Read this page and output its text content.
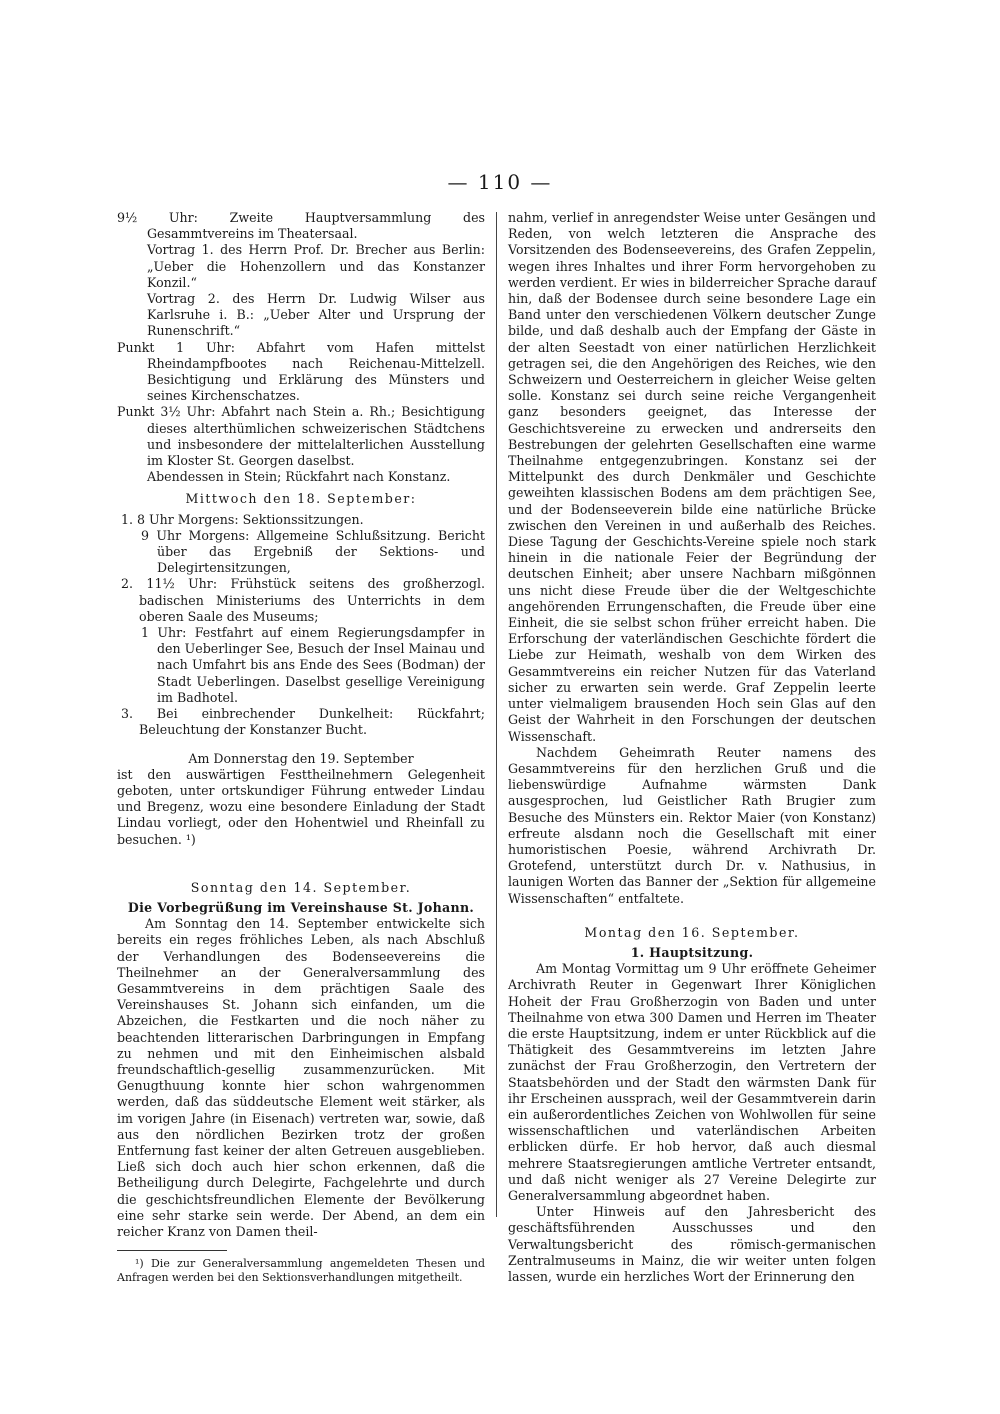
— 110 —

9½ Uhr: Zweite Hauptversammlung des Gesammtvereins im Theatersaal.

Vortrag 1. des Herrn Prof. Dr. Brecher aus Berlin: „Ueber die Hohenzollern und das Konstanzer Konzil.“

Vortrag 2. des Herrn Dr. Ludwig Wilser aus Karlsruhe i. B.: „Ueber Alter und Ursprung der Runenschrift.“

Punkt 1 Uhr: Abfahrt vom Hafen mittelst Rheindampfbootes nach Reichenau-Mittelzell. Besichtigung und Erklärung des Münsters und seines Kirchenschatzes.

Punkt 3½ Uhr: Abfahrt nach Stein a. Rh.; Besichtigung dieses alterthümlichen schweizerischen Städtchens und insbesondere der mittelalterlichen Ausstellung im Kloster St. Georgen daselbst.

Abendessen in Stein; Rückfahrt nach Konstanz.

Mittwoch den 18. September:

1. 8 Uhr Morgens: Sektionssitzungen.

9 Uhr Morgens: Allgemeine Schlußsitzung. Bericht über das Ergebniß der Sektions- und Delegirtensitzungen,

2. 11½ Uhr: Frühstück seitens des großherzogl. badischen Ministeriums des Unterrichts in dem oberen Saale des Museums;

1 Uhr: Festfahrt auf einem Regierungsdampfer in den Ueberlinger See, Besuch der Insel Mainau und nach Umfahrt bis ans Ende des Sees (Bodman) der Stadt Ueberlingen. Daselbst gesellige Vereinigung im Badhotel.

3. Bei einbrechender Dunkelheit: Rückfahrt; Beleuchtung der Konstanzer Bucht.

Am Donnerstag den 19. September

ist den auswärtigen Festtheilnehmern Gelegenheit geboten, unter ortskundiger Führung entweder Lindau und Bregenz, wozu eine besondere Einladung der Stadt Lindau vorliegt, oder den Hohentwiel und Rheinfall zu besuchen. ¹)

Sonntag den 14. September.

Die Vorbegrüßung im Vereinshause St. Johann.

Am Sonntag den 14. September entwickelte sich bereits ein reges fröhliches Leben, als nach Abschluß der Verhandlungen des Bodenseevereins die Theilnehmer an der Generalversammlung des Gesammtvereins in dem prächtigen Saale des Vereinshauses St. Johann sich einfanden, um die Abzeichen, die Festkarten und die noch näher zu beachtenden litterarischen Darbringungen in Empfang zu nehmen und mit den Einheimischen alsbald freundschaftlich-gesellig zusammenzurücken. Mit Genugthuung konnte hier schon wahrgenommen werden, daß das süddeutsche Element weit stärker, als im vorigen Jahre (in Eisenach) vertreten war, sowie, daß aus den nördlichen Bezirken trotz der großen Entfernung fast keiner der alten Getreuen ausgeblieben. Ließ sich doch auch hier schon erkennen, daß die Betheiligung durch Delegirte, Fachgelehrte und durch die geschichtsfreundlichen Elemente der Bevölkerung eine sehr starke sein werde. Der Abend, an dem ein reicher Kranz von Damen theil-

¹) Die zur Generalversammlung angemeldeten Thesen und Anfragen werden bei den Sektionsverhandlungen mitgetheilt.

nahm, verlief in anregendster Weise unter Gesängen und Reden, von welch letzteren die Ansprache des Vorsitzenden des Bodenseevereins, des Grafen Zeppelin, wegen ihres Inhaltes und ihrer Form hervorgehoben zu werden verdient. Er wies in bilderreicher Sprache darauf hin, daß der Bodensee durch seine besondere Lage ein Band unter den verschiedenen Völkern deutscher Zunge bilde, und daß deshalb auch der Empfang der Gäste in der alten Seestadt von einer natürlichen Herzlichkeit getragen sei, die den Angehörigen des Reiches, wie den Schweizern und Oesterreichern in gleicher Weise gelten solle. Konstanz sei durch seine reiche Vergangenheit ganz besonders geeignet, das Interesse der Geschichtsvereine zu erwecken und andrerseits den Bestrebungen der gelehrten Gesellschaften eine warme Theilnahme entgegenzubringen. Konstanz sei der Mittelpunkt des durch Denkmäler und Geschichte geweihten klassischen Bodens am dem prächtigen See, und der Bodenseeverein bilde eine natürliche Brücke zwischen den Vereinen in und außerhalb des Reiches. Diese Tagung der Geschichts-Vereine spiele noch stark hinein in die nationale Feier der Begründung der deutschen Einheit; aber unsere Nachbarn mißgönnen uns nicht diese Freude über die der Weltgeschichte angehörenden Errungenschaften, die Freude über eine Einheit, die sie selbst schon früher erreicht haben. Die Erforschung der vaterländischen Geschichte fördert die Liebe zur Heimath, weshalb von dem Wirken des Gesammtvereins ein reicher Nutzen für das Vaterland sicher zu erwarten sein werde. Graf Zeppelin leerte unter vielmaligem brausenden Hoch sein Glas auf den Geist der Wahrheit in den Forschungen der deutschen Wissenschaft.

Nachdem Geheimrath Reuter namens des Gesammtvereins für den herzlichen Gruß und die liebenswürdige Aufnahme wärmsten Dank ausgesprochen, lud Geistlicher Rath Brugier zum Besuche des Münsters ein. Rektor Maier (von Konstanz) erfreute alsdann noch die Gesellschaft mit einer humoristischen Poesie, während Archivrath Dr. Grotefend, unterstützt durch Dr. v. Nathusius, in launigen Worten das Banner der „Sektion für allgemeine Wissenschaften“ entfaltete.

Montag den 16. September.

1. Hauptsitzung.

Am Montag Vormittag um 9 Uhr eröffnete Geheimer Archivrath Reuter in Gegenwart Ihrer Königlichen Hoheit der Frau Großherzogin von Baden und unter Theilnahme von etwa 300 Damen und Herren im Theater die erste Hauptsitzung, indem er unter Rückblick auf die Thätigkeit des Gesammtvereins im letzten Jahre zunächst der Frau Großherzogin, den Vertretern der Staatsbehörden und der Stadt den wärmsten Dank für ihr Erscheinen aussprach, weil der Gesammtverein darin ein außerordentliches Zeichen von Wohlwollen für seine wissenschaftlichen und vaterländischen Arbeiten erblicken dürfe. Er hob hervor, daß auch diesmal mehrere Staatsregierungen amtliche Vertreter entsandt, und daß nicht weniger als 27 Vereine Delegirte zur Generalversammlung abgeordnet haben.

Unter Hinweis auf den Jahresbericht des geschäftsführenden Ausschusses und den Verwaltungsbericht des römisch-germanischen Zentralmuseums in Mainz, die wir weiter unten folgen lassen, wurde ein herzliches Wort der Erinnerung den
